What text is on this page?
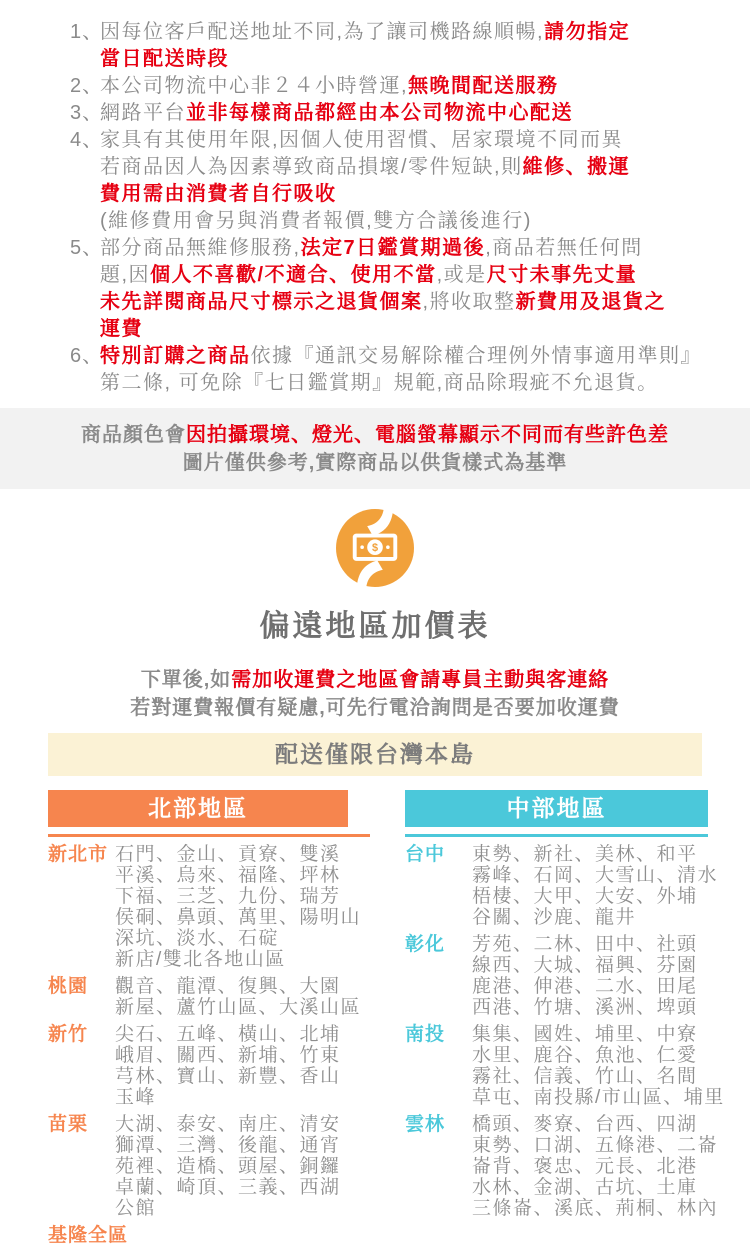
1、
因每位客戶配送地址不同,為了讓司機路線順暢,請勿指定
當日配送時段
2、
本公司物流中心非２４小時營運,無晚間配送服務
3、
網路平台並非每樣商品都經由本公司物流中心配送
4、
家具有其使用年限,因個人使用習慣、居家環境不同而異
若商品因人為因素導致商品損壞/零件短缺,則維修、搬運
費用需由消費者自行吸收
(維修費用會另與消費者報價,雙方合議後進行)
5、
部分商品無維修服務,法定7日鑑賞期過後,商品若無任何問
題,因個人不喜歡/不適合、使用不當,或是尺寸未事先丈量
未先詳閱商品尺寸標示之退貨個案,將收取整新費用及退貨之
運費
6、
特別訂購之商品依據『通訊交易解除權合理例外情事適用準則』
第二條, 可免除『七日鑑賞期』規範,商品除瑕疵不允退貨。
商品顏色會因拍攝環境、燈光、電腦螢幕顯示不同而有些許色差
圖片僅供參考,實際商品以供貨樣式為基準
$
偏遠地區加價表
下單後,如需加收運費之地區會請專員主動與客連絡
若對運費報價有疑慮,可先行電洽詢問是否要加收運費
配送僅限台灣本島
北部地區
新北市 石門、金山、貢寮、雙溪
平溪、烏來、福隆、坪林
下福、三芝、九份、瑞芳
侯硐、鼻頭、萬里、陽明山
深坑、淡水、石碇
新店/雙北各地山區
桃園	觀音、龍潭、復興、大園
新屋、蘆竹山區、大溪山區
新竹	尖石、五峰、橫山、北埔
峨眉、關西、新埔、竹東
芎林、寶山、新豐、香山
玉峰
苗栗	大湖、泰安、南庄、清安
獅潭、三灣、後龍、通宵
苑裡、造橋、頭屋、銅鑼
卓蘭、崎頂、三義、西湖
公館
基隆全區
中部地區
台中	東勢、新社、美林、和平
霧峰、石岡、大雪山、清水
梧棲、大甲、大安、外埔
谷關、沙鹿、龍井
彰化	芳苑、二林、田中、社頭
線西、大城、福興、芬園
鹿港、伸港、二水、田尾
西港、竹塘、溪洲、埤頭
南投	集集、國姓、埔里、中寮
水里、鹿谷、魚池、仁愛
霧社、信義、竹山、名間
草屯、南投縣/市山區、埔里
雲林	橋頭、麥寮、台西、四湖
東勢、口湖、五條港、二崙
崙背、褒忠、元長、北港
水林、金湖、古坑、土庫
三條崙、溪底、荊桐、林內
